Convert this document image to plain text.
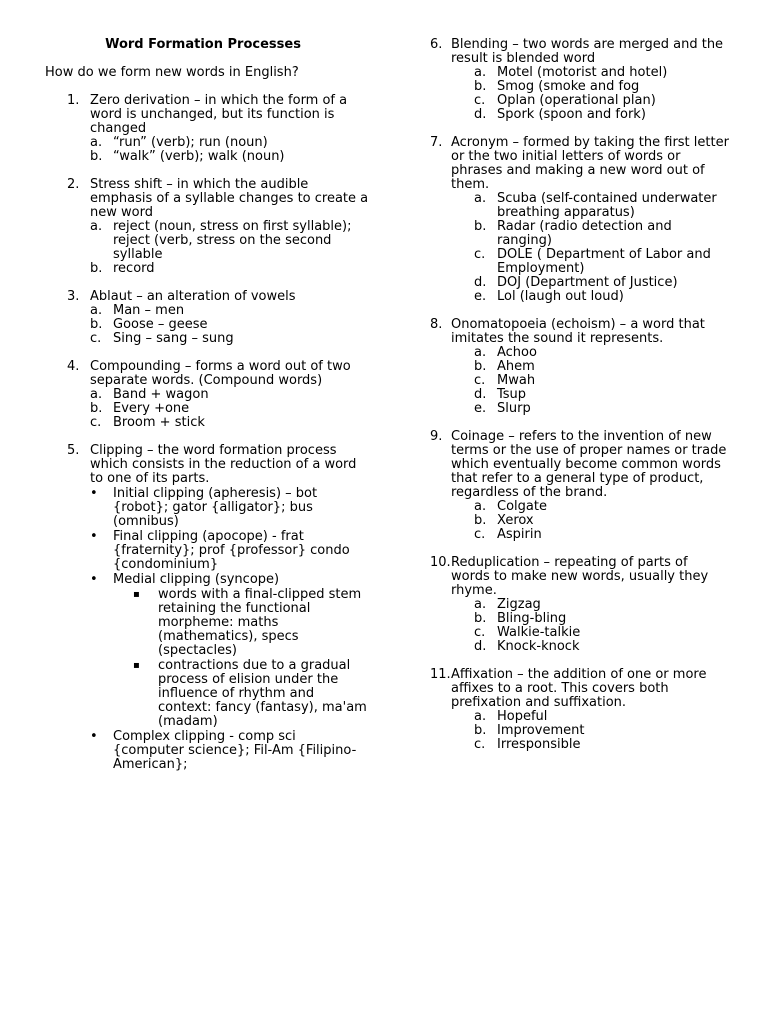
Word Formation Processes
How do we form new words in English?
1. Zero derivation – in which the form of a word is unchanged, but its function is changed
a. “run” (verb); run (noun)
b. “walk” (verb); walk (noun)
2. Stress shift – in which the audible emphasis of a syllable changes to create a new word
a. reject (noun, stress on first syllable); reject (verb, stress on the second syllable
b. record
3. Ablaut – an alteration of vowels
a. Man – men
b. Goose – geese
c. Sing – sang – sung
4. Compounding – forms a word out of two separate words. (Compound words)
a. Band + wagon
b. Every +one
c. Broom + stick
5. Clipping – the word formation process which consists in the reduction of a word to one of its parts.
• Initial clipping (apheresis) – bot {robot}; gator {alligator}; bus (omnibus)
• Final clipping (apocope) - frat {fraternity}; prof {professor} condo {condominium}
• Medial clipping (syncope)
▪ words with a final-clipped stem retaining the functional morpheme: maths (mathematics), specs (spectacles)
▪ contractions due to a gradual process of elision under the influence of rhythm and context: fancy (fantasy), ma'am (madam)
• Complex clipping - comp sci {computer science}; Fil-Am {Filipino-American};
6. Blending – two words are merged and the result is blended word
a. Motel (motorist and hotel)
b. Smog (smoke and fog
c. Oplan (operational plan)
d. Spork (spoon and fork)
7. Acronym – formed by taking the first letter or the two initial letters of words or phrases and making a new word out of them.
a. Scuba (self-contained underwater breathing apparatus)
b. Radar (radio detection and ranging)
c. DOLE ( Department of Labor and Employment)
d. DOJ (Department of Justice)
e. Lol (laugh out loud)
8. Onomatopoeia (echoism) – a word that imitates the sound it represents.
a. Achoo
b. Ahem
c. Mwah
d. Tsup
e. Slurp
9. Coinage – refers to the invention of new terms or the use of proper names or trade which eventually become common words that refer to a general type of product, regardless of the brand.
a. Colgate
b. Xerox
c. Aspirin
10. Reduplication – repeating of parts of words to make new words, usually they rhyme.
a. Zigzag
b. Bling-bling
c. Walkie-talkie
d. Knock-knock
11. Affixation – the addition of one or more affixes to a root. This covers both prefixation and suffixation.
a. Hopeful
b. Improvement
c. Irresponsible
